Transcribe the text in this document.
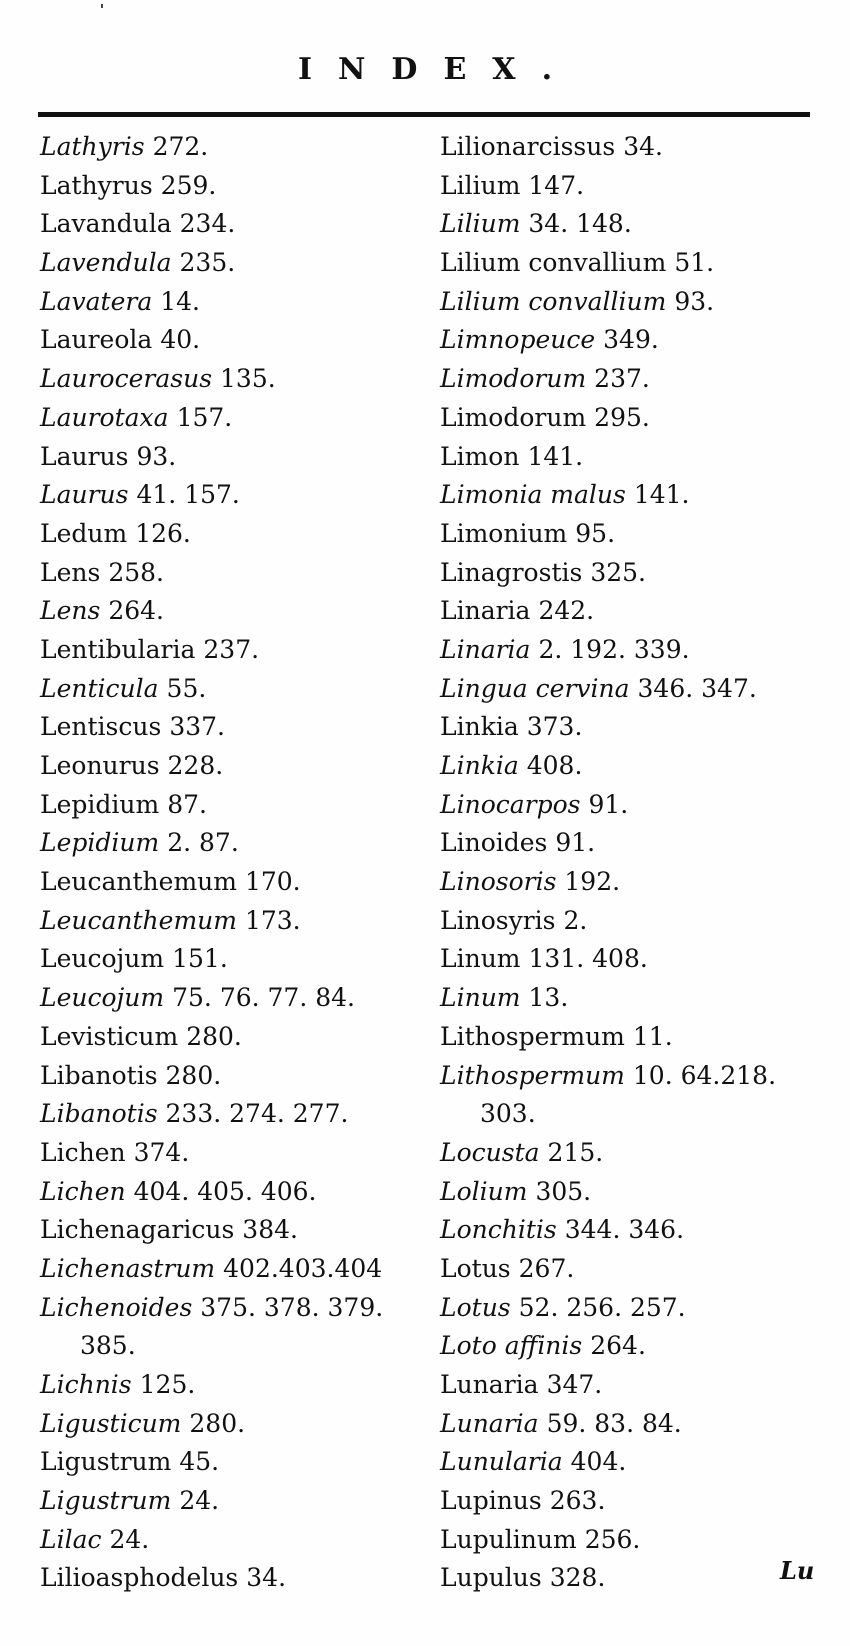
INDEX.
Lathyris 272.
Lathyrus 259.
Lavandula 234.
Lavendula 235.
Lavatera 14.
Laureola 40.
Laurocerasus 135.
Laurotaxa 157.
Laurus 93.
Laurus 41. 157.
Ledum 126.
Lens 258.
Lens 264.
Lentibularia 237.
Lenticula 55.
Lentiscus 337.
Leonurus 228.
Lepidium 87.
Lepidium 2. 87.
Leucanthemum 170.
Leucanthemum 173.
Leucojum 151.
Leucojum 75. 76. 77. 84.
Levisticum 280.
Libanotis 280.
Libanotis 233. 274. 277.
Lichen 374.
Lichen 404. 405. 406.
Lichenagaricus 384.
Lichenastrum 402.403.404
Lichenoides 375. 378. 379.
385.
Lichnis 125.
Ligusticum 280.
Ligustrum 45.
Ligustrum 24.
Lilac 24.
Lilioasphodelus 34.
Lilionarcissus 34.
Lilium 147.
Lilium 34. 148.
Lilium convallium 51.
Lilium convallium 93.
Limnopeuce 349.
Limodorum 237.
Limodorum 295.
Limon 141.
Limonia malus 141.
Limonium 95.
Linagrostis 325.
Linaria 242.
Linaria 2. 192. 339.
Lingua cervina 346. 347.
Linkia 373.
Linkia 408.
Linocarpos 91.
Linoides 91.
Linosoris 192.
Linosyris 2.
Linum 131. 408.
Linum 13.
Lithospermum 11.
Lithospermum 10. 64.218.
303.
Locusta 215.
Lolium 305.
Lonchitis 344. 346.
Lotus 267.
Lotus 52. 256. 257.
Loto affinis 264.
Lunaria 347.
Lunaria 59. 83. 84.
Lunularia 404.
Lupinus 263.
Lupulinum 256.
Lupulus 328.	Lu
